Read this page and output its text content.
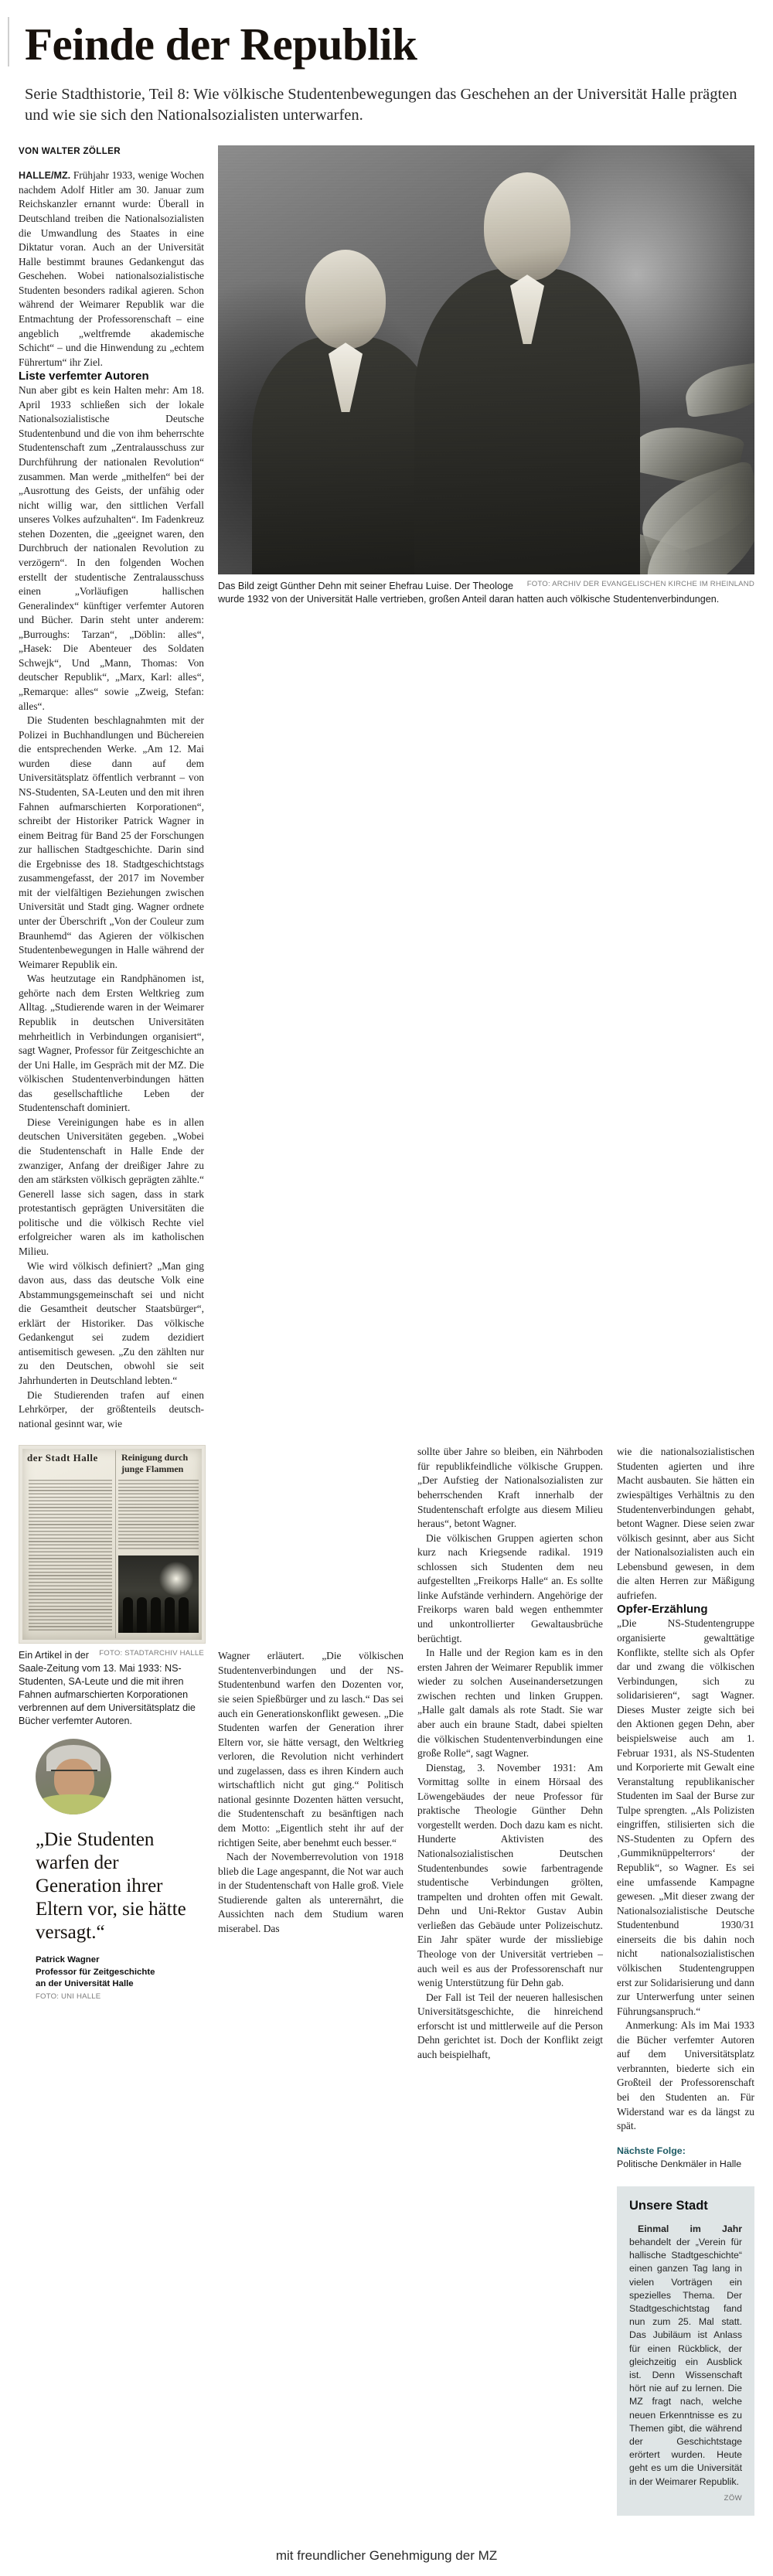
Feinde der Republik
Serie Stadthistorie, Teil 8: Wie völkische Studentenbewegungen das Geschehen an der Universität Halle prägten und wie sie sich den Nationalsozialisten unterwarfen.
VON WALTER ZÖLLER

HALLE/MZ. Frühjahr 1933, wenige Wochen nachdem Adolf Hitler am 30. Januar zum Reichskanzler ernannt wurde: Überall in Deutschland treiben die Nationalsozialisten die Umwandlung des Staates in eine Diktatur voran. Auch an der Universität Halle bestimmt braunes Gedankengut das Geschehen. Wobei nationalsozialistische Studenten besonders radikal agieren. Schon während der Weimarer Republik war die Entmachtung der Professorenschaft – eine angeblich „weltfremde akademische Schicht“ – und die Hinwendung zu „echtem Führertum“ ihr Ziel.

Liste verfemter Autoren

Nun aber gibt es kein Halten mehr: Am 18. April 1933 schließen sich der lokale Nationalsozialistische Deutsche Studentenbund und die von ihm beherrschte Studentenschaft zum „Zentralausschuss zur Durchführung der nationalen Revolution“ zusammen. Man werde „mithelfen“ bei der „Ausrottung des Geists, der unfähig oder nicht willig war, den sittlichen Verfall unseres Volkes aufzuhalten“. Im Fadenkreuz stehen Dozenten, die „geeignet waren, den Durchbruch der nationalen Revolution zu verzögern“. In den folgenden Wochen erstellt der studentische Zentralausschuss einen „Vorläufigen hallischen Generalindex“ künftiger verfemter Autoren und Bücher. Darin steht unter anderem: „Burroughs: Tarzan“, „Döblin: alles“, „Hasek: Die Abenteuer des Soldaten Schwejk“, Und „Mann, Thomas: Von deutscher Republik“, „Marx, Karl: alles“, „Remarque: alles“ sowie „Zweig, Stefan: alles“.

Die Studenten beschlagnahmten mit der Polizei in Buchhandlungen und Büchereien die entsprechenden Werke. „Am 12. Mai wurden diese dann auf dem Universitätsplatz öffentlich verbrannt – von NS-Studenten, SA-Leuten und den mit ihren Fahnen aufmarschierten Korporationen“, schreibt der Historiker Patrick Wagner in einem Beitrag für Band 25 der Forschungen zur hallischen Stadtgeschichte. Darin sind die Ergebnisse des 18. Stadtgeschichtstags zusammengefasst, der 2017 im November mit der vielfältigen Beziehungen zwischen Universität und Stadt ging. Wagner ordnete unter der Überschrift „Von der Couleur zum Braunhemd“ das Agieren der völkischen Studentenbewegungen in Halle während der Weimarer Republik ein.

Was heutzutage ein Randphänomen ist, gehörte nach dem Ersten Weltkrieg zum Alltag. „Studierende waren in der Weimarer Republik in deutschen Universitäten mehrheitlich in Verbindungen organisiert“, sagt Wagner, Professor für Zeitgeschichte an der Uni Halle, im Gespräch mit der MZ. Die völkischen Studentenverbindungen hätten das gesellschaftliche Leben der Studentenschaft dominiert.

Diese Vereinigungen habe es in allen deutschen Universitäten gegeben. „Wobei die Studentenschaft in Halle Ende der zwanziger, Anfang der dreißiger Jahre zu den am stärksten völkisch geprägten zählte.“ Generell lasse sich sagen, dass in stark protestantisch geprägten Universitäten die politische und die völkisch Rechte viel erfolgreicher waren als im katholischen Milieu.

Wie wird völkisch definiert? „Man ging davon aus, dass das deutsche Volk eine Abstammungsgemeinschaft sei und nicht die Gesamtheit deutscher Staatsbürger“, erklärt der Historiker. Das völkische Gedankengut sei zudem dezidiert antisemitisch gewesen. „Zu den zählten nur zu den Deutschen, obwohl sie seit Jahrhunderten in Deutschland lebten.“

Die Studierenden trafen auf einen Lehrkörper, der größtenteils deutsch-national gesinnt war, wie

FOTO: ARCHIV DER EVANGELISCHEN KIRCHE IM RHEINLAND
Das Bild zeigt Günther Dehn mit seiner Ehefrau Luise. Der Theologe wurde 1932 von der Universität Halle vertrieben, großen Anteil daran hatten auch völkische Studentenverbindungen.
der Stadt Halle	Reinigung durch junge Flammen
FOTO: STADTARCHIV HALLE
Ein Artikel in der Saale-Zeitung vom 13. Mai 1933: NS-Studenten, SA-Leute und die mit ihren Fahnen aufmarschierten Korporationen verbrennen auf dem Universitätsplatz die Bücher verfemter Autoren.
„Die Studenten warfen der Generation ihrer Eltern vor, sie hätte versagt.“
Patrick Wagner
Professor für Zeitgeschichte
an der Universität Halle
FOTO: UNI HALLE

Wagner erläutert. „Die völkischen Studentenverbindungen und der NS-Studentenbund warfen den Dozenten vor, sie seien Spießbürger und zu lasch.“ Das sei auch ein Generationskonflikt gewesen. „Die Studenten warfen der Generation ihrer Eltern vor, sie hätte versagt, den Weltkrieg verloren, die Revolution nicht verhindert und zugelassen, dass es ihren Kindern auch wirtschaftlich nicht gut ging.“ Politisch national gesinnte Dozenten hätten versucht, die Studentenschaft zu besänftigen nach dem Motto: „Eigentlich steht ihr auf der richtigen Seite, aber benehmt euch besser.“

Nach der Novemberrevolution von 1918 blieb die Lage angespannt, die Not war auch in der Studentenschaft von Halle groß. Viele Studierende galten als unterernährt, die Aussichten nach dem Studium waren miserabel. Das

sollte über Jahre so bleiben, ein Nährboden für republikfeindliche völkische Gruppen. „Der Aufstieg der Nationalsozialisten zur beherrschenden Kraft innerhalb der Studentenschaft erfolgte aus diesem Milieu heraus“, betont Wagner.

Die völkischen Gruppen agierten schon kurz nach Kriegsende radikal. 1919 schlossen sich Studenten dem neu aufgestellten „Freikorps Halle“ an. Es sollte linke Aufstände verhindern. Angehörige der Freikorps waren bald wegen enthemmter und unkontrollierter Gewaltausbrüche berüchtigt.

In Halle und der Region kam es in den ersten Jahren der Weimarer Republik immer wieder zu solchen Auseinandersetzungen zwischen rechten und linken Gruppen. „Halle galt damals als rote Stadt. Sie war aber auch ein braune Stadt, dabei spielten die völkischen Studentenverbindungen eine große Rolle“, sagt Wagner.

Dienstag, 3. November 1931: Am Vormittag sollte in einem Hörsaal des Löwengebäudes der neue Professor für praktische Theologie Günther Dehn vorgestellt werden. Doch dazu kam es nicht. Hunderte Aktivisten des Nationalsozialistischen Deutschen Studentenbundes sowie farbentragende studentische Verbindungen grölten, trampelten und drohten offen mit Gewalt. Dehn und Uni-Rektor Gustav Aubin verließen das Gebäude unter Polizeischutz. Ein Jahr später wurde der missliebige Theologe von der Universität vertrieben – auch weil es aus der Professorenschaft nur wenig Unterstützung für Dehn gab.

Der Fall ist Teil der neueren hallesischen Universitätsgeschichte, die hinreichend erforscht ist und mittlerweile auf die Person Dehn gerichtet ist. Doch der Konflikt zeigt auch beispielhaft,

wie die nationalsozialistischen Studenten agierten und ihre Macht ausbauten. Sie hätten ein zwiespältiges Verhältnis zu den Studentenverbindungen gehabt, betont Wagner. Diese seien zwar völkisch gesinnt, aber aus Sicht der Nationalsozialisten auch ein Lebensbund gewesen, in dem die alten Herren zur Mäßigung aufriefen.

Opfer-Erzählung

„Die NS-Studentengruppe organisierte gewalttätige Konflikte, stellte sich als Opfer dar und zwang die völkischen Verbindungen, sich zu solidarisieren“, sagt Wagner. Dieses Muster zeigte sich bei den Aktionen gegen Dehn, aber beispielsweise auch am 1. Februar 1931, als NS-Studenten und Korporierte mit Gewalt eine Veranstaltung republikanischer Studenten im Saal der Burse zur Tulpe sprengten. „Als Polizisten eingriffen, stilisierten sich die NS-Studenten zu Opfern des ‚Gummiknüppelterrors‘ der Republik“, so Wagner. Es sei eine umfassende Kampagne gewesen. „Mit dieser zwang der Nationalsozialistische Deutsche Studentenbund 1930/31 einerseits die bis dahin noch nicht nationalsozialistischen völkischen Studentengruppen erst zur Solidarisierung und dann zur Unterwerfung unter seinen Führungsanspruch.“

Anmerkung: Als im Mai 1933 die Bücher verfemter Autoren auf dem Universitätsplatz verbrannten, biederte sich ein Großteil der Professorenschaft bei den Studenten an. Für Widerstand war es da längst zu spät.

Nächste Folge:
Politische Denkmäler in Halle
Unsere Stadt

Einmal im Jahr behandelt der „Verein für hallische Stadtgeschichte“ einen ganzen Tag lang in vielen Vorträgen ein spezielles Thema. Der Stadtgeschichtstag fand nun zum 25. Mal statt. Das Jubiläum ist Anlass für einen Rückblick, der gleichzeitig ein Ausblick ist. Denn Wissenschaft hört nie auf zu lernen. Die MZ fragt nach, welche neuen Erkenntnisse es zu Themen gibt, die während der Geschichtstage erörtert wurden. Heute geht es um die Universität in der Weimarer Republik.

ZÖW
mit freundlicher Genehmigung der MZ
